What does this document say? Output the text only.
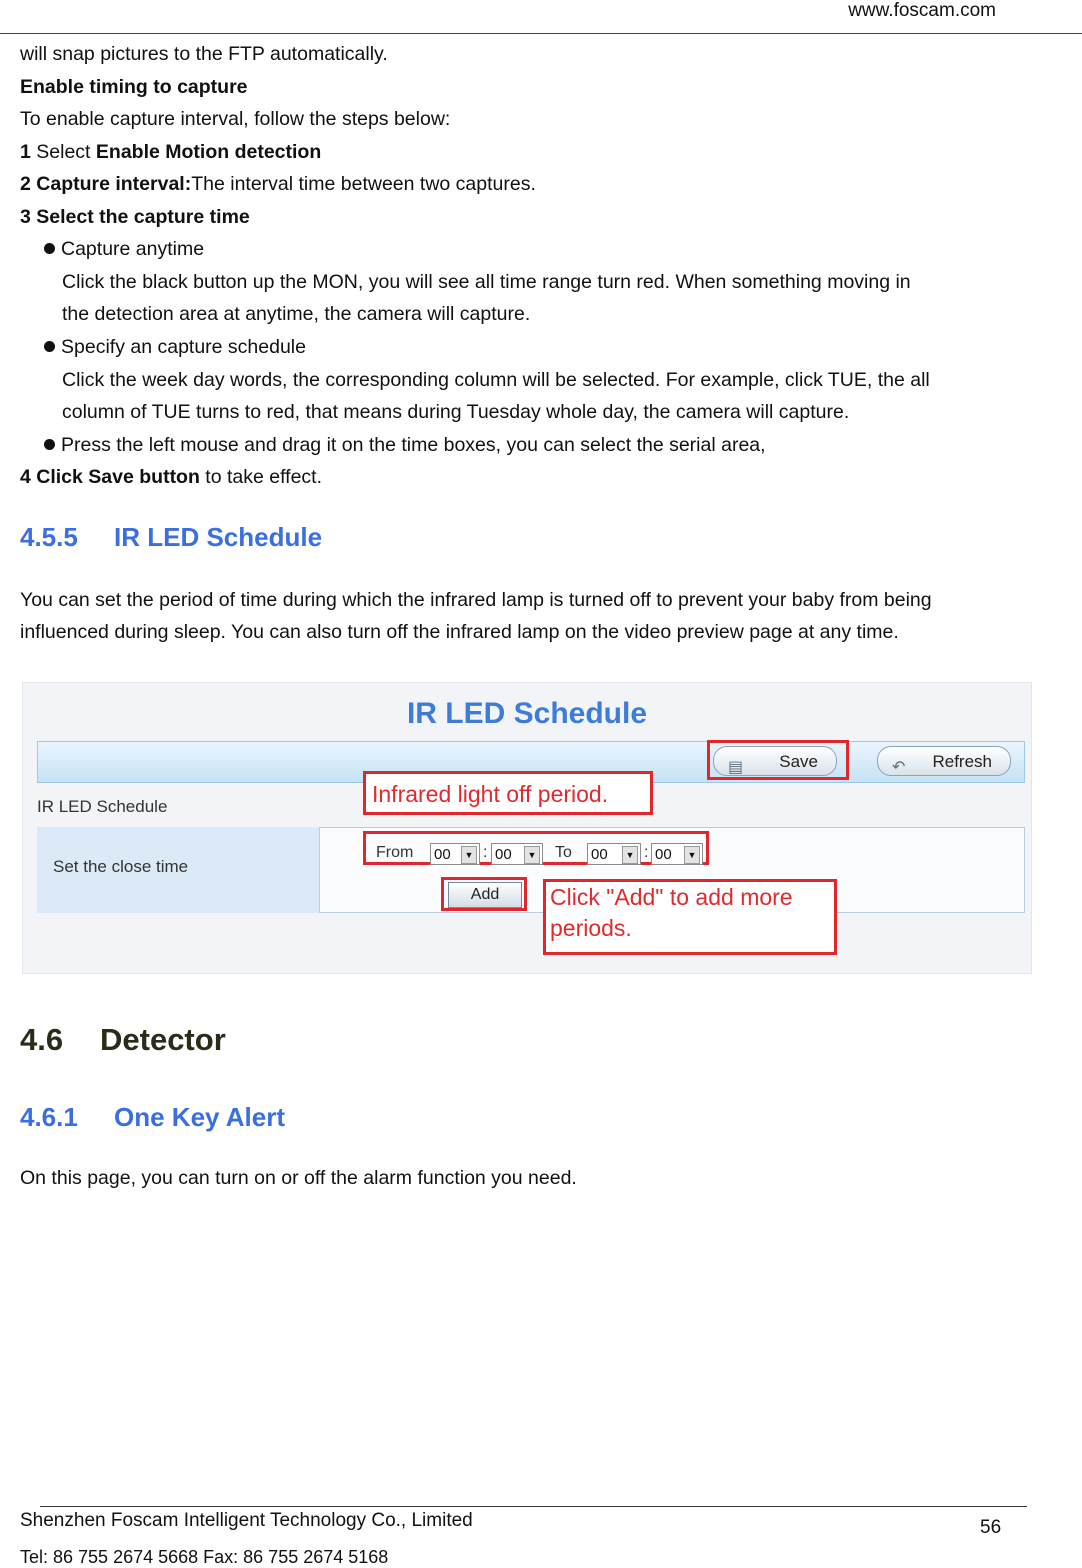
www.foscam.com
will snap pictures to the FTP automatically.
Enable timing to capture
To enable capture interval, follow the steps below:
1 Select Enable Motion detection
2 Capture interval:The interval time between two captures.
3 Select the capture time
Capture anytime
Click the black button up the MON, you will see all time range turn red. When something moving in
the detection area at anytime, the camera will capture.
Specify an capture schedule
Click the week day words, the corresponding column will be selected. For example, click TUE, the all
column of TUE turns to red, that means during Tuesday whole day, the camera will capture.
Press the left mouse and drag it on the time boxes, you can select the serial area,
4 Click Save button to take effect.
4.5.5 IR LED Schedule
You can set the period of time during which the infrared lamp is turned off to prevent your baby from being
influenced during sleep. You can also turn off the infrared lamp on the video preview page at any time.
IR LED Schedule
▤ Save	↶ Refresh
IR LED Schedule
Set the close time
Infrared light off period.
From 00	▼ : 00	▼ To 00	▼ : 00	▼
Add	Click "Add" to add more
periods.
4.6 Detector
4.6.1 One Key Alert
On this page, you can turn on or off the alarm function you need.
Shenzhen Foscam Intelligent Technology Co., Limited
Tel: 86 755 2674 5668 Fax: 86 755 2674 5168
56
